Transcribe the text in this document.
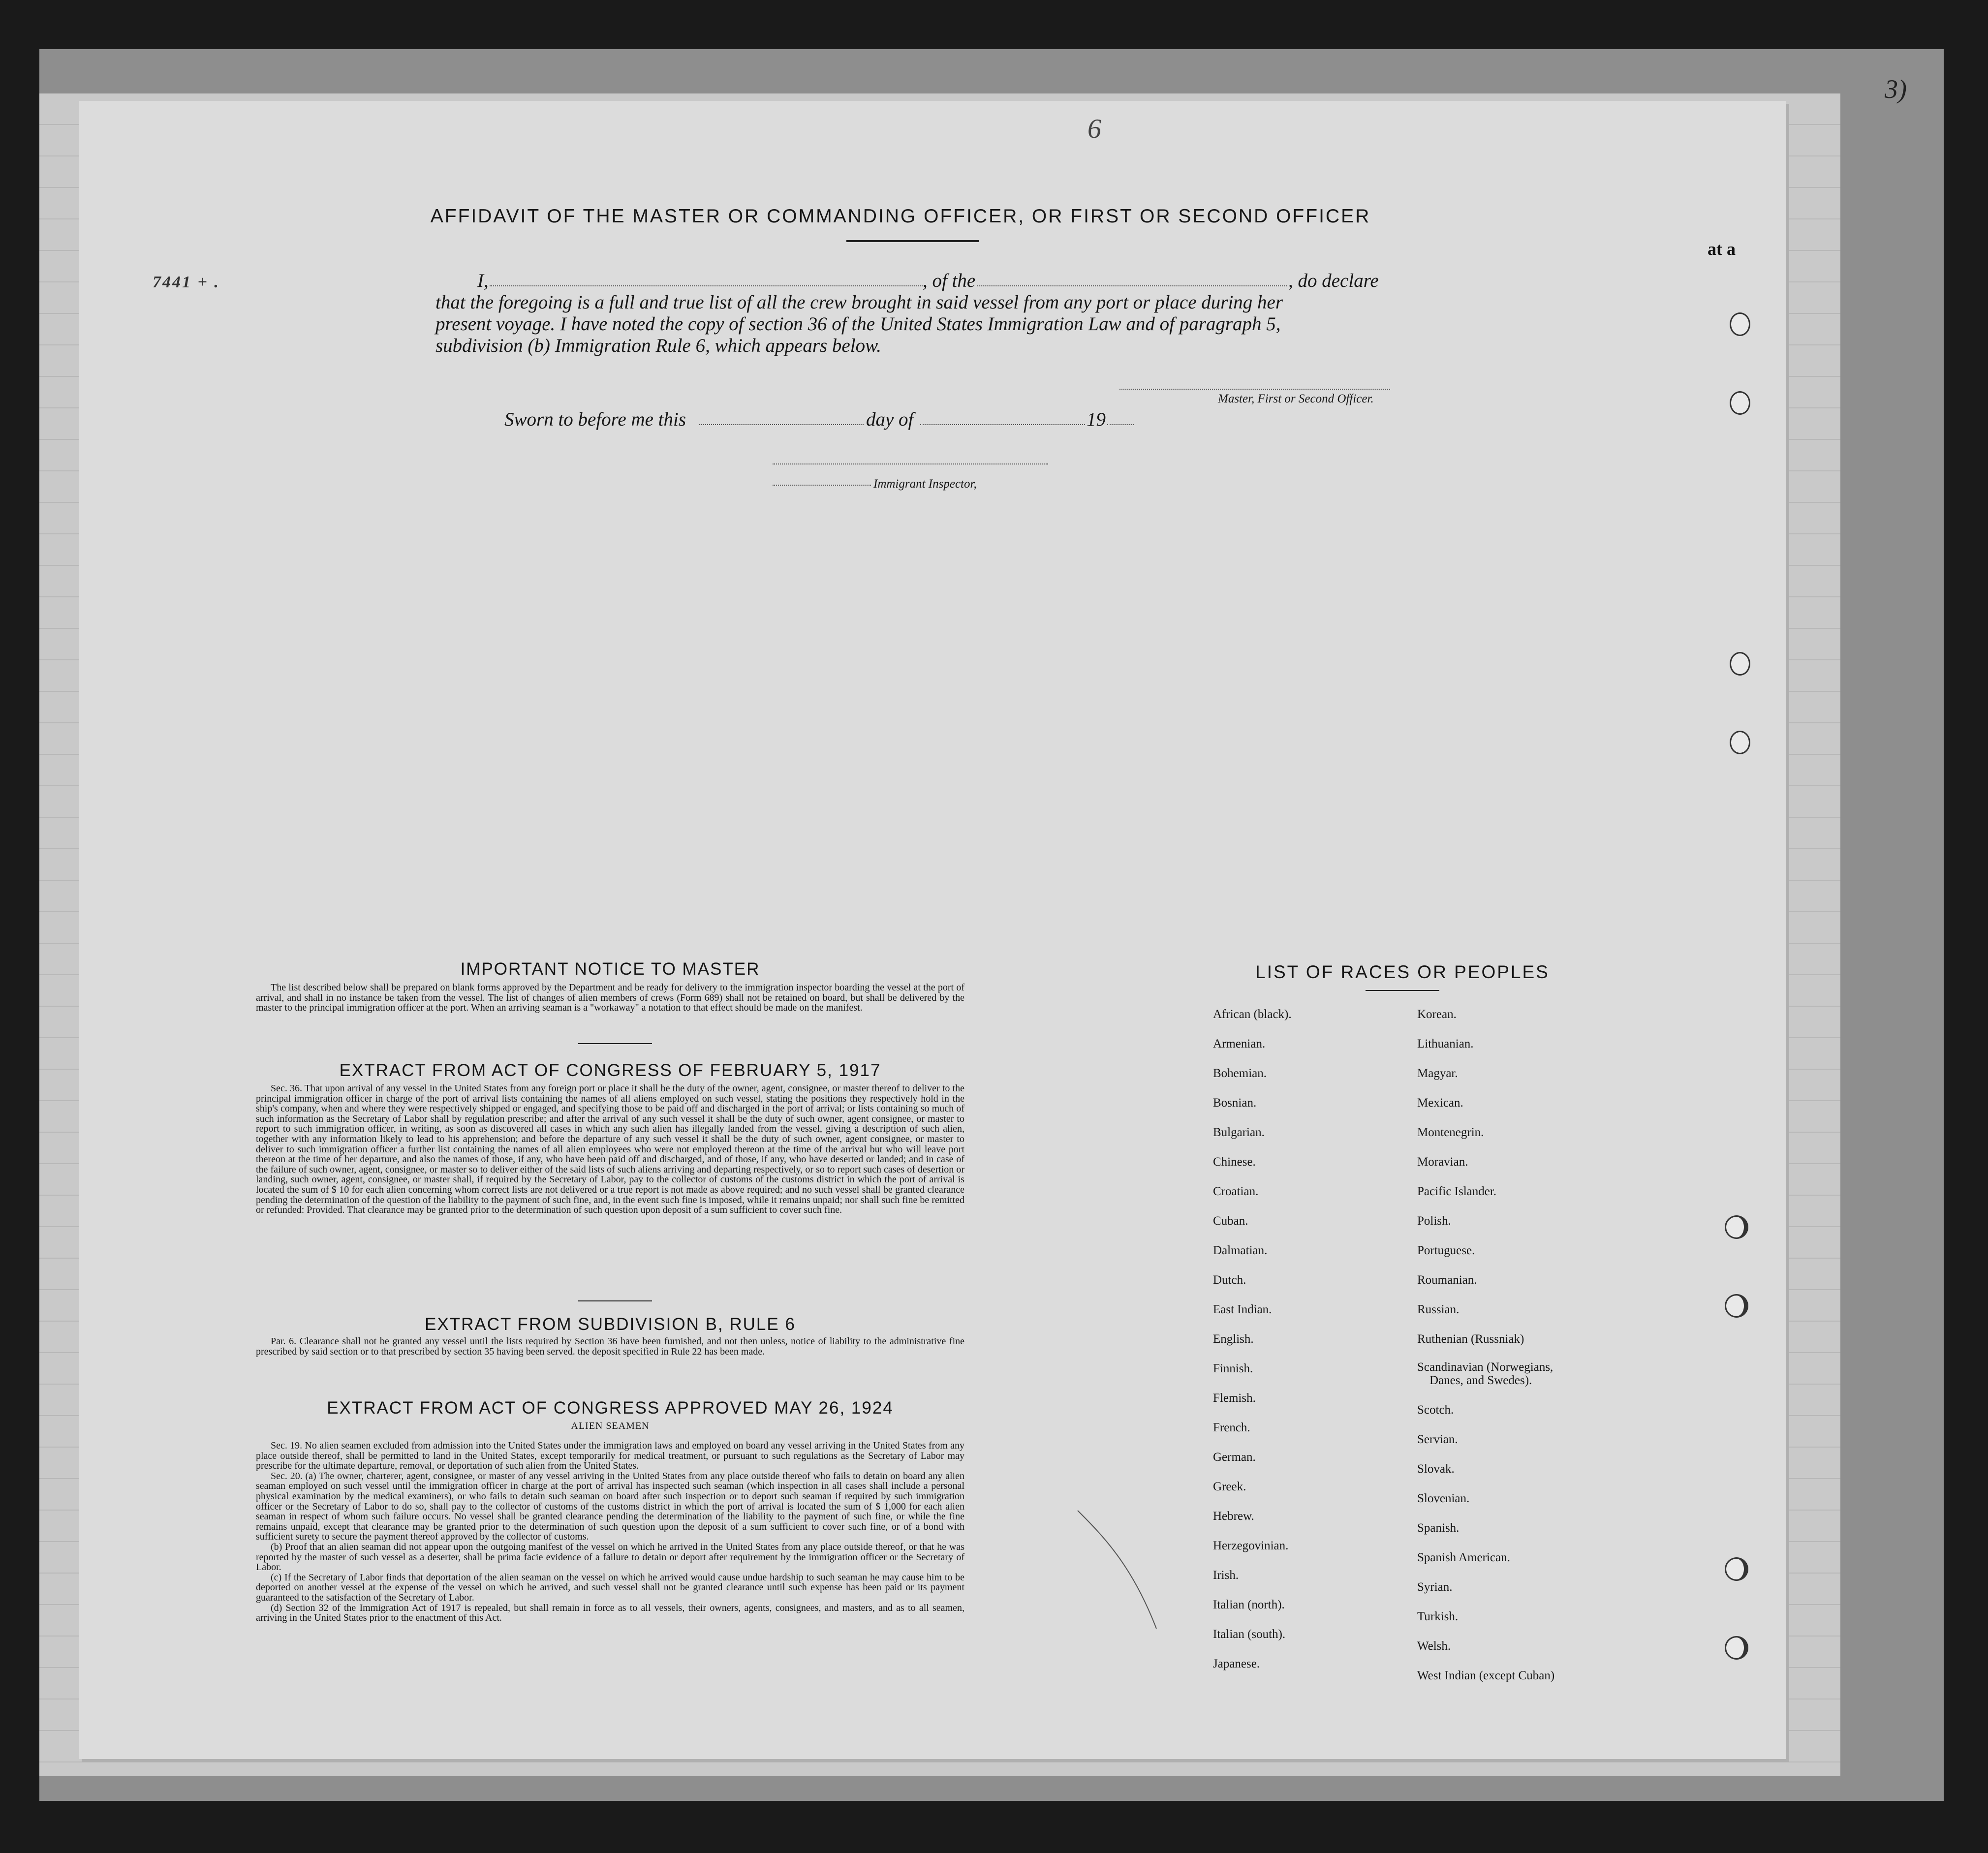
3)
at a
6
7441 + .
AFFIDAVIT OF THE MASTER OR COMMANDING OFFICER, OR FIRST OR SECOND OFFICER
I,	, of the	, do declare
that the foregoing is a full and true list of all the crew brought in said vessel from any port or place during her
present voyage. I have noted the copy of section 36 of the United States Immigration Law and of paragraph 5,
subdivision (b) Immigration Rule 6, which appears below.
Master, First or Second Officer.
Sworn to before me this	day of	19
Immigrant Inspector,
IMPORTANT NOTICE TO MASTER

The list described below shall be prepared on blank forms approved by the Department and be ready for delivery to the immigration inspector boarding the vessel at the port of arrival, and shall in no instance be taken from the vessel. The list of changes of alien members of crews (Form 689) shall not be retained on board, but shall be delivered by the master to the principal immigration officer at the port. When an arriving seaman is a "workaway" a notation to that effect should be made on the manifest.

EXTRACT FROM ACT OF CONGRESS OF FEBRUARY 5, 1917

Sec. 36. That upon arrival of any vessel in the United States from any foreign port or place it shall be the duty of the owner, agent, consignee, or master thereof to deliver to the principal immigration officer in charge of the port of arrival lists containing the names of all aliens employed on such vessel, stating the positions they respectively hold in the ship's company, when and where they were respectively shipped or engaged, and specifying those to be paid off and discharged in the port of arrival; or lists containing so much of such information as the Secretary of Labor shall by regulation prescribe; and after the arrival of any such vessel it shall be the duty of such owner, agent consignee, or master to report to such immigration officer, in writing, as soon as discovered all cases in which any such alien has illegally landed from the vessel, giving a description of such alien, together with any information likely to lead to his apprehension; and before the departure of any such vessel it shall be the duty of such owner, agent consignee, or master to deliver to such immigration officer a further list containing the names of all alien employees who were not employed thereon at the time of the arrival but who will leave port thereon at the time of her departure, and also the names of those, if any, who have been paid off and discharged, and of those, if any, who have deserted or landed; and in case of the failure of such owner, agent, consignee, or master so to deliver either of the said lists of such aliens arriving and departing respectively, or so to report such cases of desertion or landing, such owner, agent, consignee, or master shall, if required by the Secretary of Labor, pay to the collector of customs of the customs district in which the port of arrival is located the sum of $ 10 for each alien concerning whom correct lists are not delivered or a true report is not made as above required; and no such vessel shall be granted clearance pending the determination of the question of the liability to the payment of such fine, and, in the event such fine is imposed, while it remains unpaid; nor shall such fine be remitted or refunded: Provided. That clearance may be granted prior to the determination of such question upon deposit of a sum sufficient to cover such fine.

EXTRACT FROM SUBDIVISION B, RULE 6

Par. 6. Clearance shall not be granted any vessel until the lists required by Section 36 have been furnished, and not then unless, notice of liability to the administrative fine prescribed by said section or to that prescribed by section 35 having been served. the deposit specified in Rule 22 has been made.

EXTRACT FROM ACT OF CONGRESS APPROVED MAY 26, 1924
ALIEN SEAMEN

Sec. 19. No alien seamen excluded from admission into the United States under the immigration laws and employed on board any vessel arriving in the United States from any place outside thereof, shall be permitted to land in the United States, except temporarily for medical treatment, or pursuant to such regulations as the Secretary of Labor may prescribe for the ultimate departure, removal, or deportation of such alien from the United States.

Sec. 20. (a) The owner, charterer, agent, consignee, or master of any vessel arriving in the United States from any place outside thereof who fails to detain on board any alien seaman employed on such vessel until the immigration officer in charge at the port of arrival has inspected such seaman (which inspection in all cases shall include a personal physical examination by the medical examiners), or who fails to detain such seaman on board after such inspection or to deport such seaman if required by such immigration officer or the Secretary of Labor to do so, shall pay to the collector of customs of the customs district in which the port of arrival is located the sum of $ 1,000 for each alien seaman in respect of whom such failure occurs. No vessel shall be granted clearance pending the determination of the liability to the payment of such fine, or while the fine remains unpaid, except that clearance may be granted prior to the determination of such question upon the deposit of a sum sufficient to cover such fine, or of a bond with sufficient surety to secure the payment thereof approved by the collector of customs.

(b) Proof that an alien seaman did not appear upon the outgoing manifest of the vessel on which he arrived in the United States from any place outside thereof, or that he was reported by the master of such vessel as a deserter, shall be prima facie evidence of a failure to detain or deport after requirement by the immigration officer or the Secretary of Labor.

(c) If the Secretary of Labor finds that deportation of the alien seaman on the vessel on which he arrived would cause undue hardship to such seaman he may cause him to be deported on another vessel at the expense of the vessel on which he arrived, and such vessel shall not be granted clearance until such expense has been paid or its payment guaranteed to the satisfaction of the Secretary of Labor.

(d) Section 32 of the Immigration Act of 1917 is repealed, but shall remain in force as to all vessels, their owners, agents, consignees, and masters, and as to all seamen, arriving in the United States prior to the enactment of this Act.

LIST OF RACES OR PEOPLES
African (black).
Armenian.
Bohemian.
Bosnian.
Bulgarian.
Chinese.
Croatian.
Cuban.
Dalmatian.
Dutch.
East Indian.
English.
Finnish.
Flemish.
French.
German.
Greek.
Hebrew.
Herzegovinian.
Irish.
Italian (north).
Italian (south).
Japanese.
Korean.
Lithuanian.
Magyar.
Mexican.
Montenegrin.
Moravian.
Pacific Islander.
Polish.
Portuguese.
Roumanian.
Russian.
Ruthenian (Russniak)
Scandinavian (Norwegians,
Danes, and Swedes).
Scotch.
Servian.
Slovak.
Slovenian.
Spanish.
Spanish American.
Syrian.
Turkish.
Welsh.
West Indian (except Cuban)
